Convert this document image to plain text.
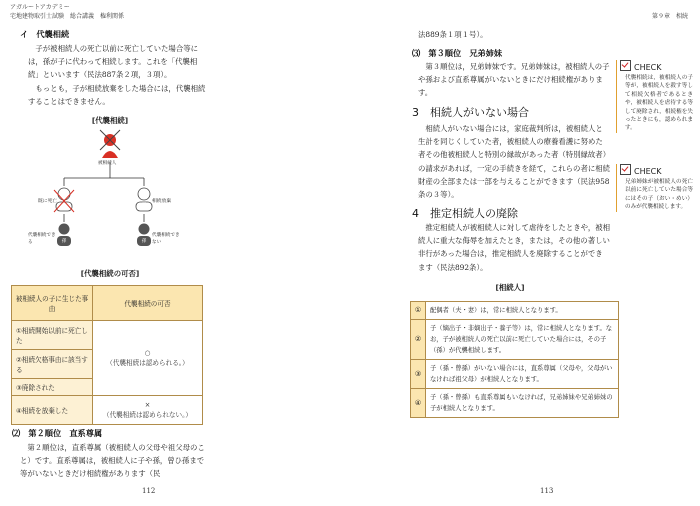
アガルートアカデミー
宅地建物取引士試験　総合講義　権利関係
イ　代襲相続
　子が被相続人の死亡以前に死亡していた場合等には，孫が子に代わって相続します。これを「代襲相続」といいます（民法887条２項，３項）。
　もっとも，子が相続放棄をした場合には，代襲相続することはできません。
[代襲相続]
被相続人
既に死亡
子
相続放棄
孫	孫
代襲相続できる
代襲相続できない
[代襲相続の可否]
被相続人の子に生じた事由	代襲相続の可否
①相続開始以前に死亡した	○
（代襲相続は認められる。）

②相続欠格事由に該当する	
③廃除された	
④相続を放棄した	×
（代襲相続は認められない。）
⑵　第２順位　直系尊属
　第２順位は，直系尊属（被相続人の父母や祖父母のこと）です。直系尊属は，被相続人に子や孫，曾ひ孫まで等がいないときだけ相続権があります（民
112
第９章　相続
法889条１項１号）。
⑶　第３順位　兄弟姉妹
　第３順位は，兄弟姉妹です。兄弟姉妹は，被相続人の子や孫および直系尊属がいないときにだけ相続権があります。
3　相続人がいない場合
　相続人がいない場合には，家庭裁判所は，被相続人と生計を同じくしていた者，被相続人の療養看護に努めた者その他被相続人と特別の縁故があった者（特別縁故者）の請求があれば，一定の手続きを経て，これらの者に相続財産の全部または一部を与えることができます（民法958条の３等）。
4　推定相続人の廃除
　推定相続人が被相続人に対して虐待をしたときや，被相続人に重大な侮辱を加えたとき，または，その他の著しい非行があった場合は，推定相続人を廃除することができます（民法892条）。
[相続人]
113
①	配偶者（夫・妻）は，常に相続人となります。
②	子（嫡出子・非嫡出子・養子等）は，常に相続人となります。なお，子が被相続人の死亡以前に死亡していた場合には，その子（孫）が代襲相続します。
③	子（孫・曾孫）がいない場合には，直系尊属（父母や，父母がいなければ祖父母）が相続人となります。
④	子（孫・曾孫）も直系尊属もいなければ，兄弟姉妹や兄弟姉妹の子が相続人となります。
CHECK
代襲相続は，被相続人の子等が，被相続人を殺す等して相続欠格者であるときや，被相続人を虐待する等して廃除され，相続権を失ったときにも，認められます。
CHECK
兄弟姉妹が被相続人の死亡以前に死亡していた場合等にはその子（おい・めい）のみが代襲相続します。
